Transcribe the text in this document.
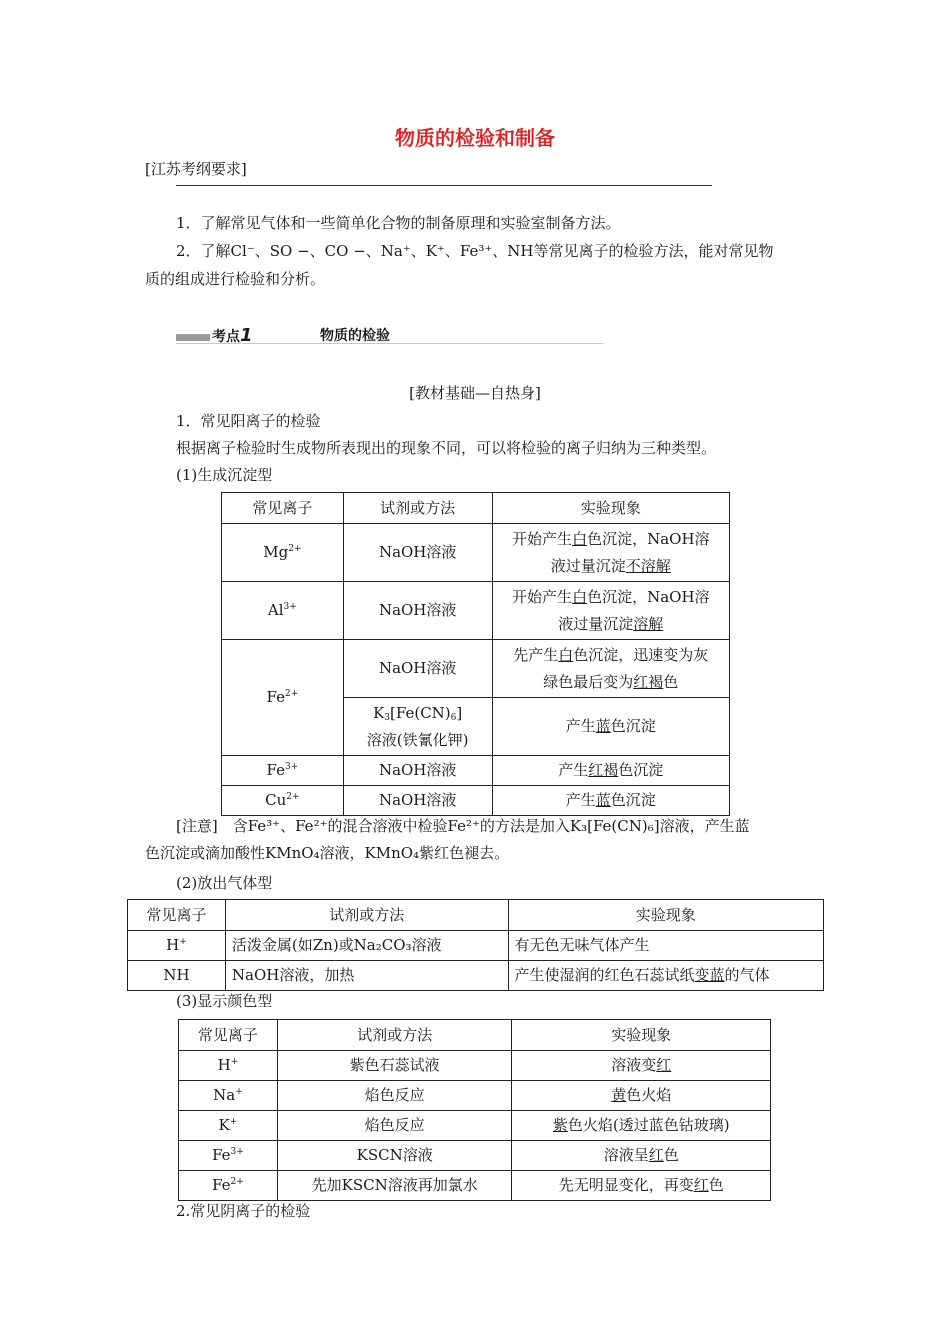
物质的检验和制备
[江苏考纲要求]
1．了解常见气体和一些简单化合物的制备原理和实验室制备方法。
2．了解Cl⁻、SO −、CO −、Na⁺、K⁺、Fe³⁺、NH等常见离子的检验方法，能对常见物
质的组成进行检验和分析。
考点1	物质的检验
[教材基础—自热身]
1．常见阳离子的检验
根据离子检验时生成物所表现出的现象不同，可以将检验的离子归纳为三种类型。
(1)生成沉淀型
常见离子	试剂或方法	实验现象
$Mg^{2+}$	NaOH溶液	开始产生白色沉淀，NaOH溶
液过量沉淀不溶解
$Al^{3+}$	NaOH溶液	开始产生白色沉淀，NaOH溶
液过量沉淀溶解
$Fe^{2+}$	NaOH溶液	先产生白色沉淀，迅速变为灰
绿色最后变为红褐色
	$K_3[Fe(CN)_6]$
溶液(铁氰化钾)	产生蓝色沉淀
$Fe^{3+}$	NaOH溶液	产生红褐色沉淀
$Cu^{2+}$	NaOH溶液	产生蓝色沉淀
[注意]　含Fe³⁺、Fe²⁺的混合溶液中检验Fe²⁺的方法是加入K₃[Fe(CN)₆]溶液，产生蓝
色沉淀或滴加酸性KMnO₄溶液，KMnO₄紫红色褪去。
(2)放出气体型
常见离子	试剂或方法	实验现象
H+	活泼金属(如Zn)或Na₂CO₃溶液	有无色无味气体产生
NH	NaOH溶液，加热	产生使湿润的红色石蕊试纸变蓝的气体
(3)显示颜色型
常见离子	试剂或方法	实验现象
H+	紫色石蕊试液	溶液变红
Na+	焰色反应	黄色火焰
K+	焰色反应	紫色火焰(透过蓝色钴玻璃)
$Fe^{3+}$	KSCN溶液	溶液呈红色
$Fe^{2+}$	先加KSCN溶液再加氯水	先无明显变化，再变红色
2.常见阴离子的检验
